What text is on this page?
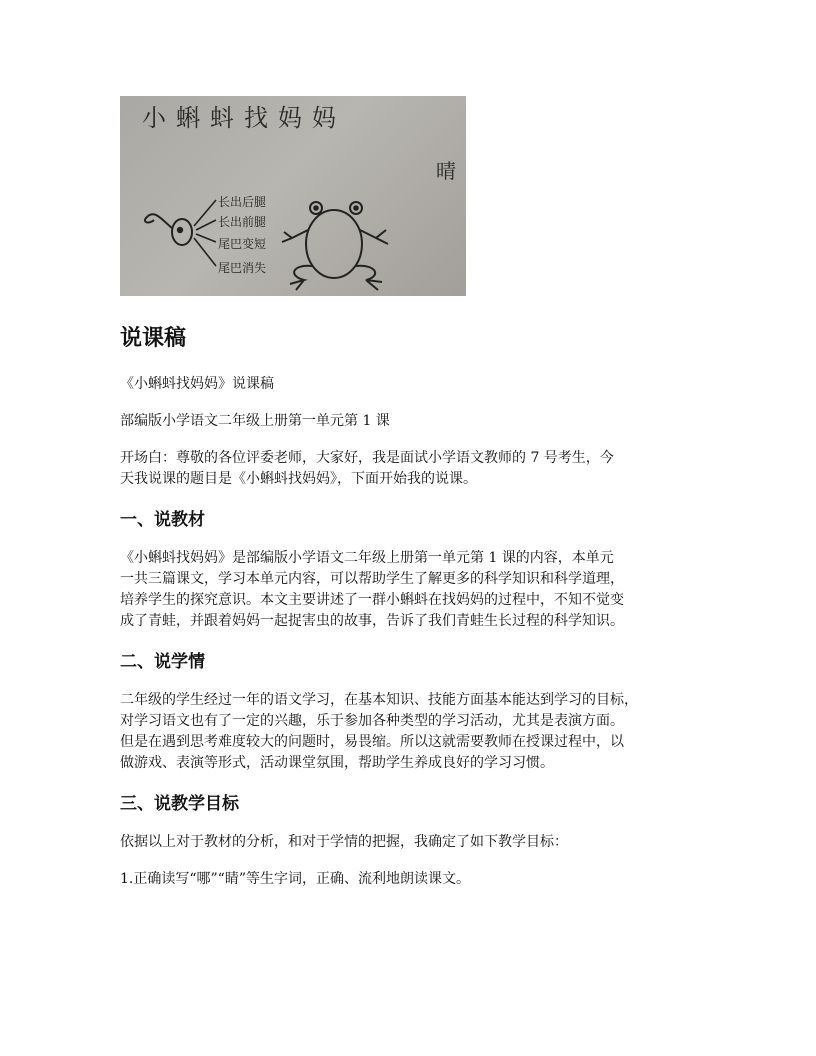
小蝌蚪找妈妈
晴
长出后腿
长出前腿
尾巴变短
尾巴消失
说课稿

《小蝌蚪找妈妈》说课稿

部编版小学语文二年级上册第一单元第 1 课

开场白：尊敬的各位评委老师，大家好，我是面试小学语文教师的 7 号考生，今
天我说课的题目是《小蝌蚪找妈妈》，下面开始我的说课。
一、说教材
《小蝌蚪找妈妈》是部编版小学语文二年级上册第一单元第 1 课的内容，本单元
一共三篇课文，学习本单元内容，可以帮助学生了解更多的科学知识和科学道理，
培养学生的探究意识。本文主要讲述了一群小蝌蚪在找妈妈的过程中，不知不觉变
成了青蛙，并跟着妈妈一起捉害虫的故事，告诉了我们青蛙生长过程的科学知识。
二、说学情
二年级的学生经过一年的语文学习，在基本知识、技能方面基本能达到学习的目标，
对学习语文也有了一定的兴趣，乐于参加各种类型的学习活动，尤其是表演方面。
但是在遇到思考难度较大的问题时，易畏缩。所以这就需要教师在授课过程中，以
做游戏、表演等形式，活动课堂氛围，帮助学生养成良好的学习习惯。
三、说教学目标

依据以上对于教材的分析，和对于学情的把握，我确定了如下教学目标：

1.正确读写“哪”“睛”等生字词，正确、流利地朗读课文。
